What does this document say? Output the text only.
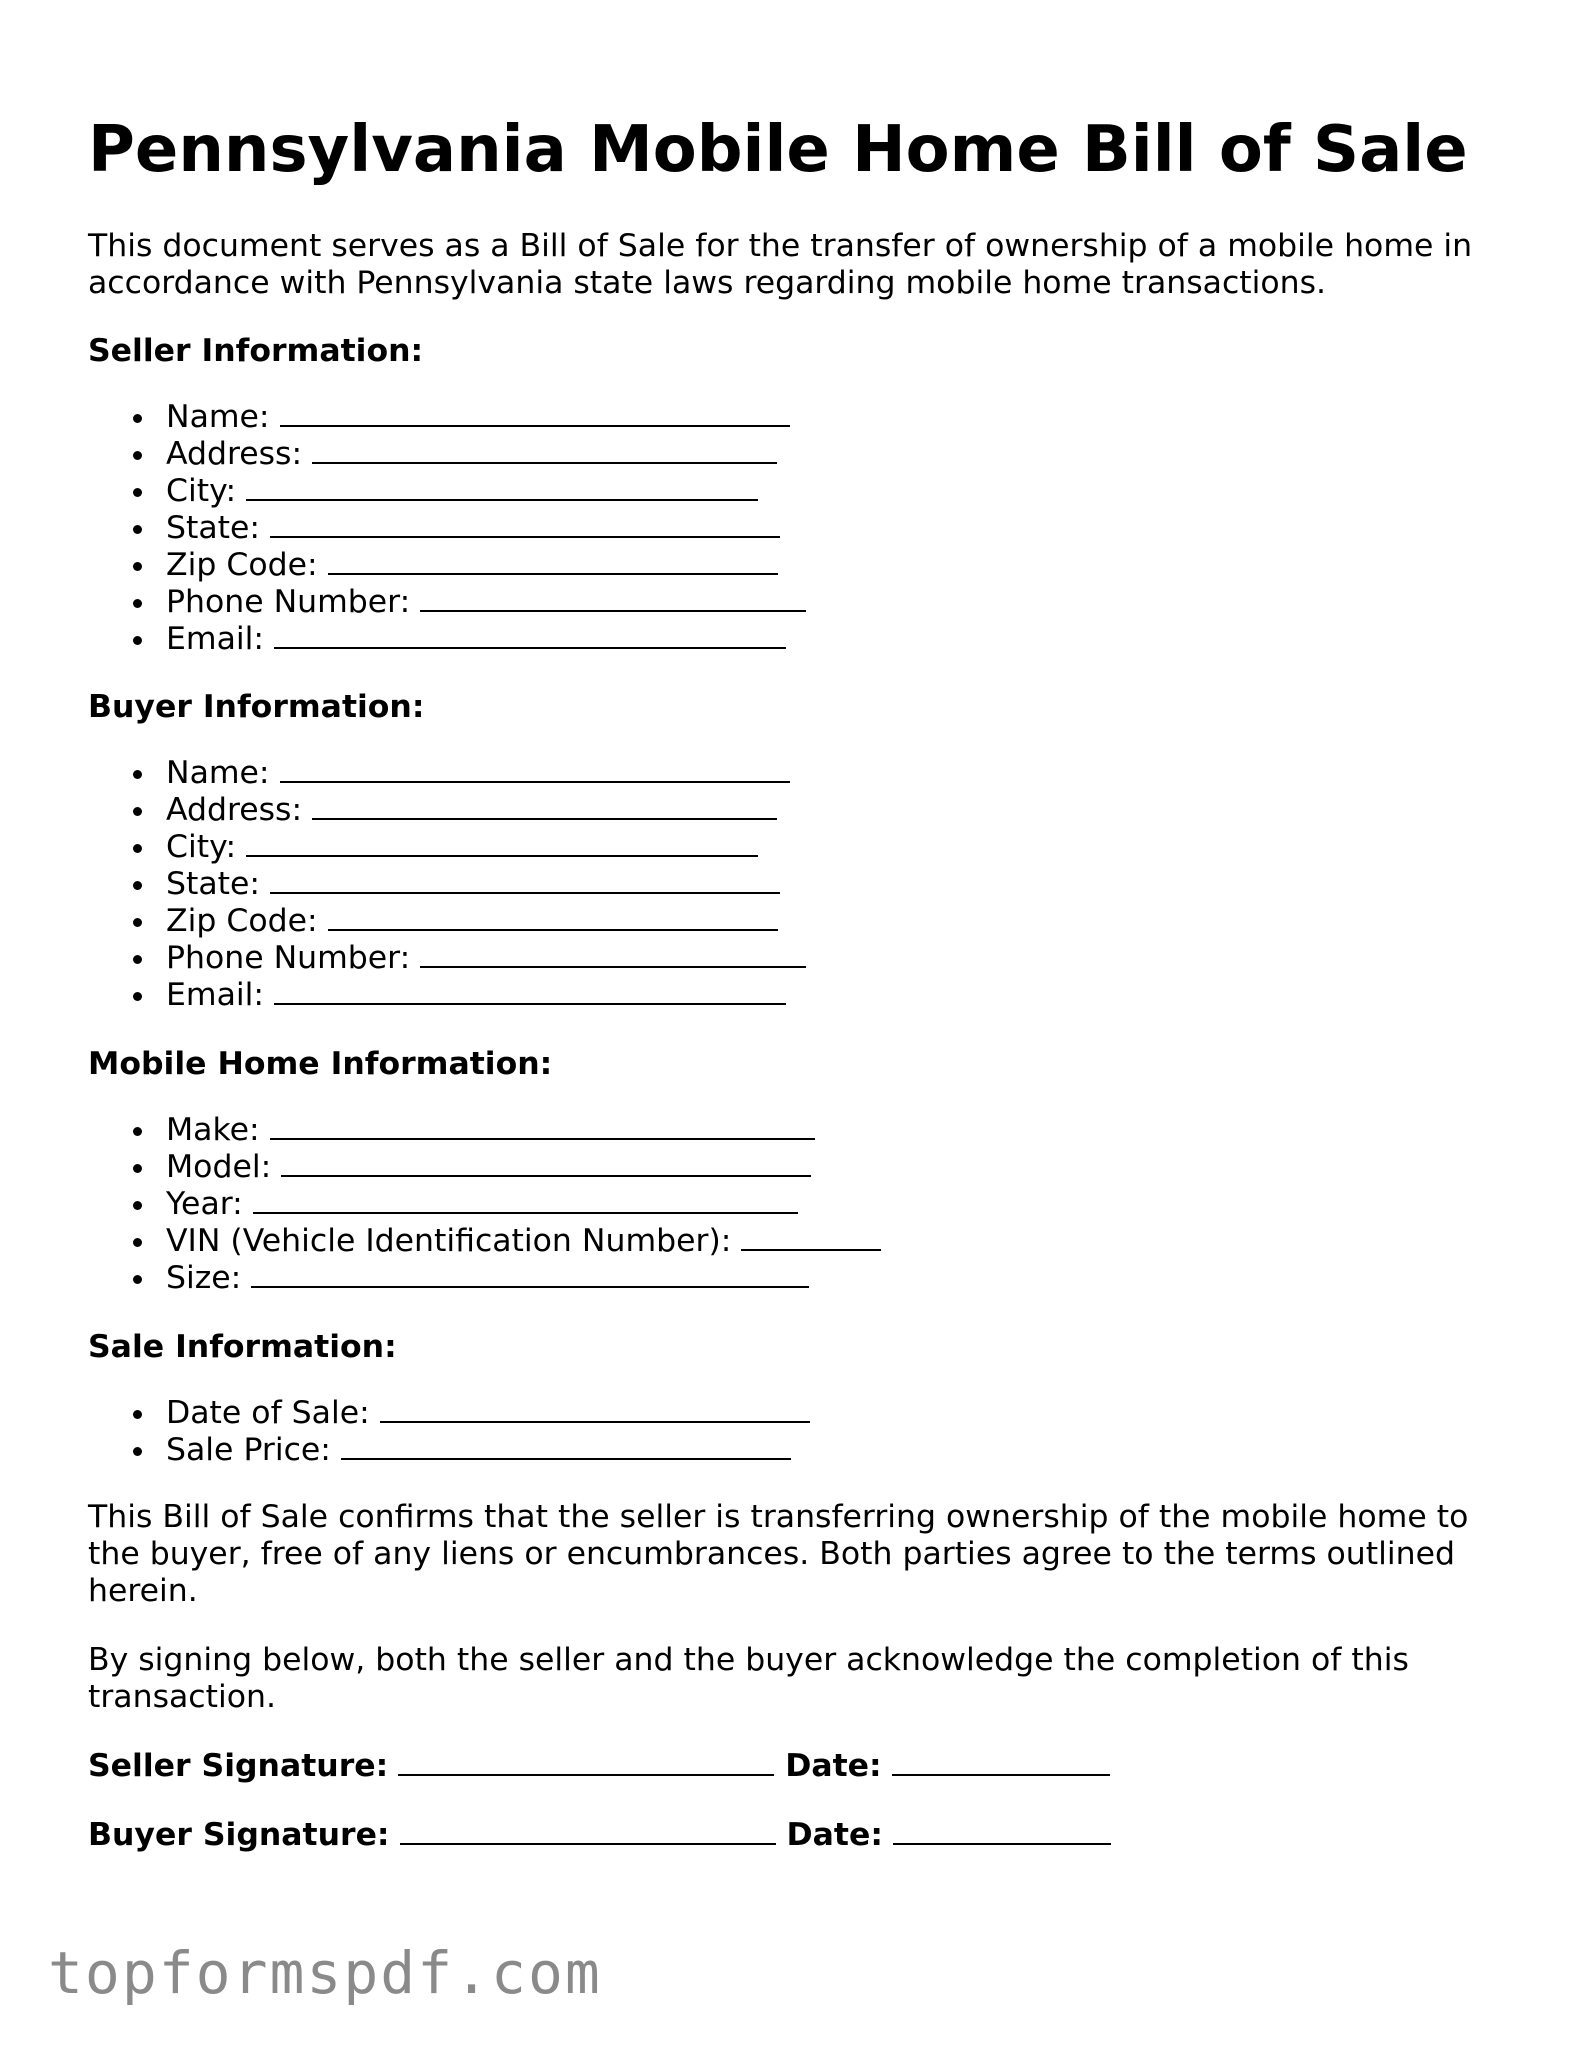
Pennsylvania Mobile Home Bill of Sale

This document serves as a Bill of Sale for the transfer of ownership of a mobile home in accordance with Pennsylvania state laws regarding mobile home transactions.

Seller Information:
Name:
Address:
City:
State:
Zip Code:
Phone Number:
Email:
Buyer Information:
Name:
Address:
City:
State:
Zip Code:
Phone Number:
Email:
Mobile Home Information:
Make:
Model:
Year:
VIN (Vehicle Identification Number):
Size:
Sale Information:
Date of Sale:
Sale Price:

This Bill of Sale confirms that the seller is transferring ownership of the mobile home to the buyer, free of any liens or encumbrances. Both parties agree to the terms outlined herein.

By signing below, both the seller and the buyer acknowledge the completion of this transaction.

Seller Signature:	Date:

Buyer Signature:	Date:

topformspdf.com
